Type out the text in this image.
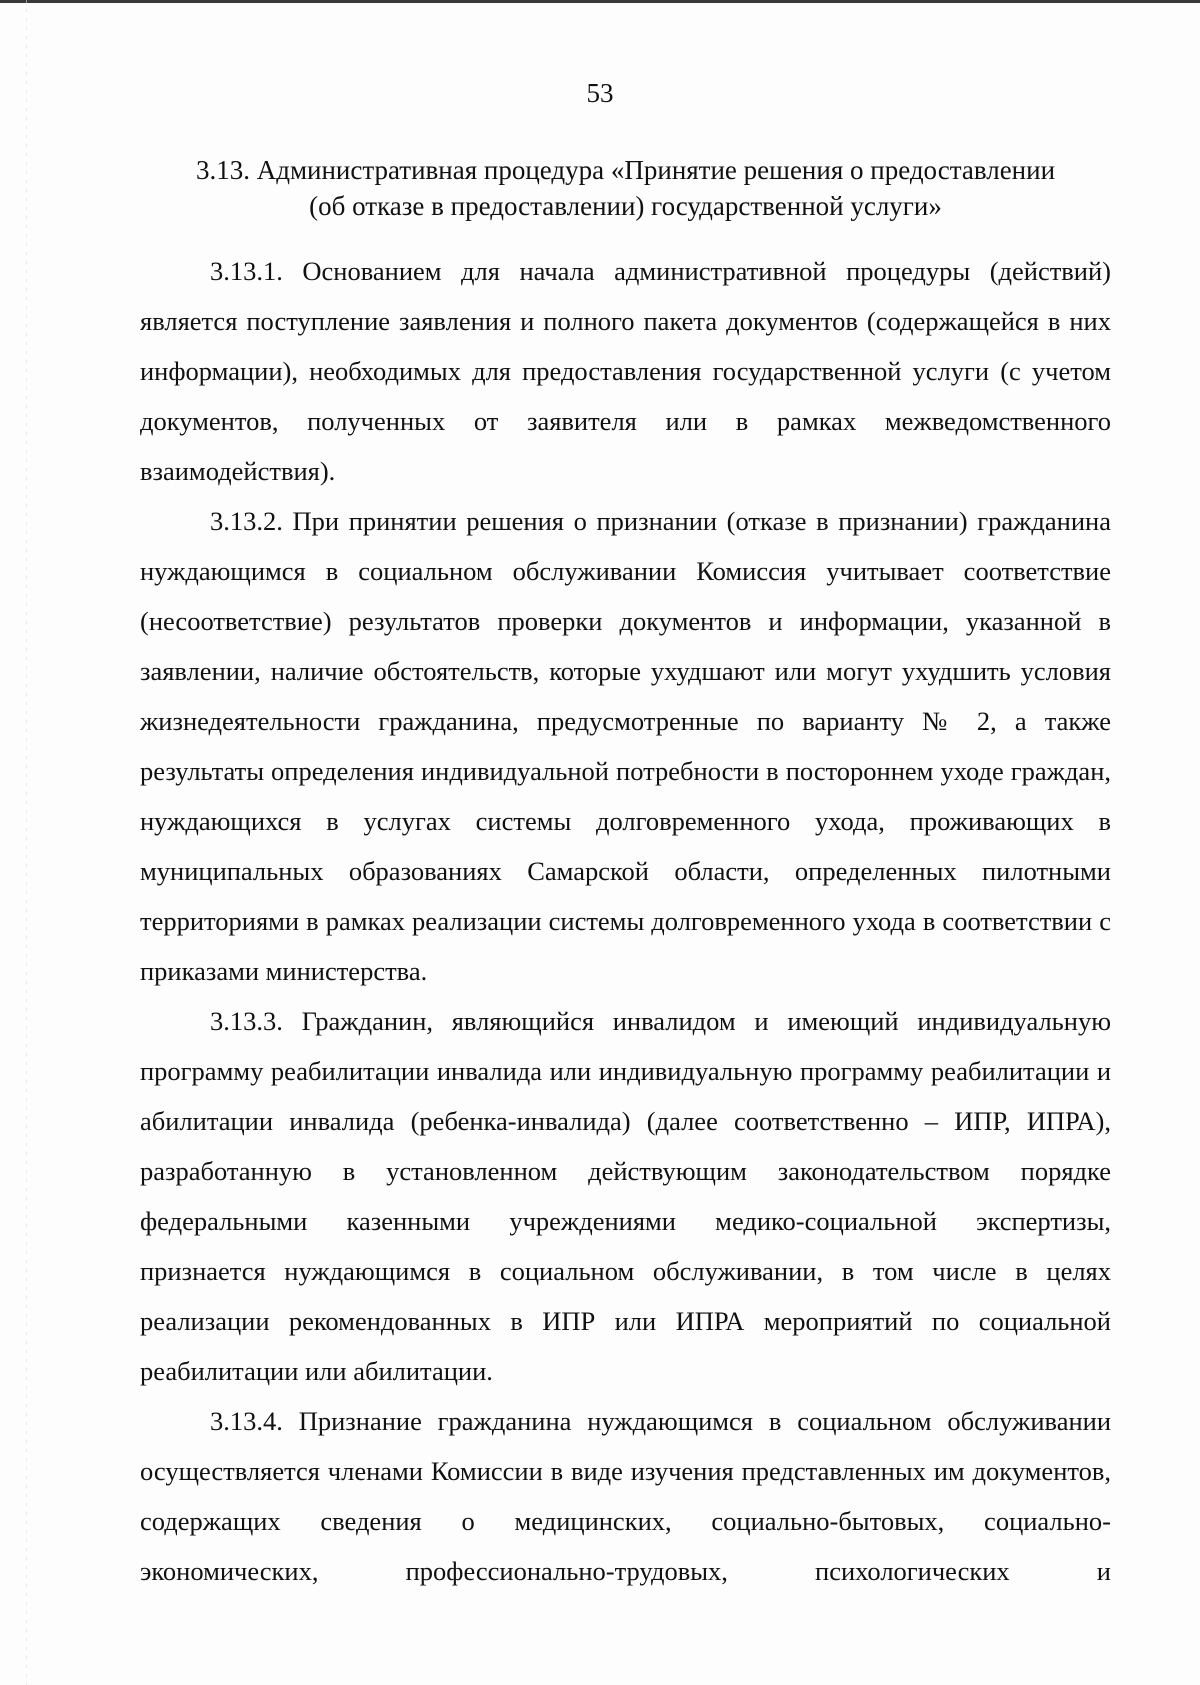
53
3.13. Административная процедура «Принятие решения о предоставлении
(об отказе в предоставлении) государственной услуги»

3.13.1. Основанием для начала административной процедуры (действий) является поступление заявления и полного пакета документов (содержащейся в них информации), необходимых для предоставления государственной услуги (с учетом документов, полученных от заявителя или в рамках межведомственного взаимодействия).

3.13.2. При принятии решения о признании (отказе в признании) гражданина нуждающимся в социальном обслуживании Комиссия учитывает соответствие (несоответствие) результатов проверки документов и информации, указанной в заявлении, наличие обстоятельств, которые ухудшают или могут ухудшить условия жизнедеятельности гражданина, предусмотренные по варианту № 2, а также результаты определения индивидуальной потребности в постороннем уходе граждан, нуждающихся в услугах системы долговременного ухода, проживающих в муниципальных образованиях Самарской области, определенных пилотными территориями в рамках реализации системы долговременного ухода в соответствии с приказами министерства.

3.13.3. Гражданин, являющийся инвалидом и имеющий индивидуальную программу реабилитации инвалида или индивидуальную программу реабилитации и абилитации инвалида (ребенка-инвалида) (далее соответственно – ИПР, ИПРА), разработанную в установленном действующим законодательством порядке федеральными казенными учреждениями медико-социальной экспертизы, признается нуждающимся в социальном обслуживании, в том числе в целях реализации рекомендованных в ИПР или ИПРА мероприятий по социальной реабилитации или абилитации.

3.13.4. Признание гражданина нуждающимся в социальном обслуживании осуществляется членами Комиссии в виде изучения представленных им документов, содержащих сведения о медицинских, социально-бытовых, социально-экономических, профессионально-трудовых, психологических и
